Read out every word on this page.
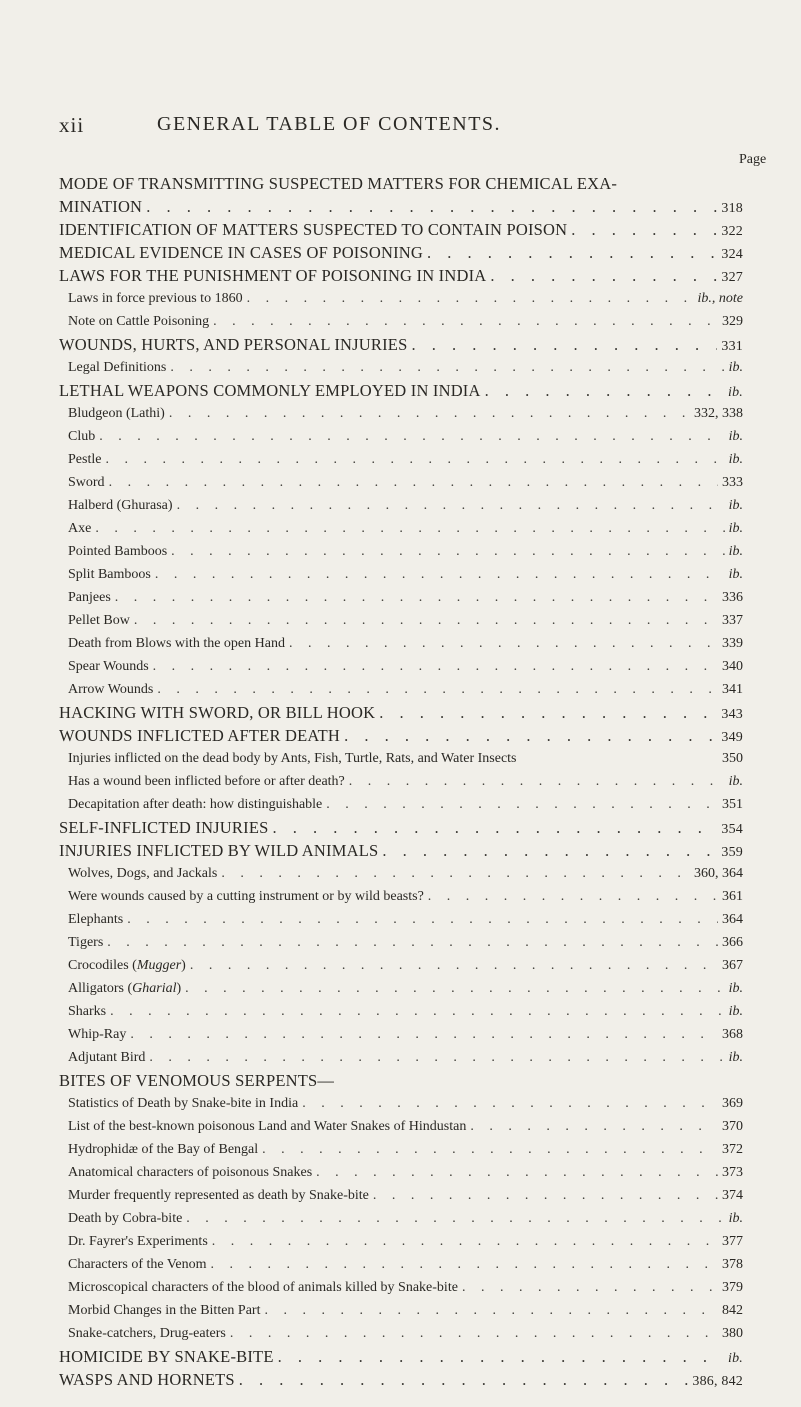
xii	GENERAL TABLE OF CONTENTS.
Page
MODE OF TRANSMITTING SUSPECTED MATTERS FOR CHEMICAL EXA-
MINATION . . .	318
IDENTIFICATION OF MATTERS SUSPECTED TO CONTAIN POISON . . .	322
MEDICAL EVIDENCE IN CASES OF POISONING . . .	324
LAWS FOR THE PUNISHMENT OF POISONING IN INDIA . . .	327
Laws in force previous to 1860 . . .	ib., note
Note on Cattle Poisoning . . .	329
WOUNDS, HURTS, AND PERSONAL INJURIES . . .	331
Legal Definitions . . .	ib.
LETHAL WEAPONS COMMONLY EMPLOYED IN INDIA . . .	ib.
Bludgeon (Lathi) . . .	332, 338
Club . . .	ib.
Pestle . . .	ib.
Sword . . .	333
Halberd (Ghurasa) . . .	ib.
Axe . . .	ib.
Pointed Bamboos . . .	ib.
Split Bamboos . . .	ib.
Panjees . . .	336
Pellet Bow . . .	337
Death from Blows with the open Hand . . .	339
Spear Wounds . . .	340
Arrow Wounds . . .	341
HACKING WITH SWORD, OR BILL HOOK . . .	343
WOUNDS INFLICTED AFTER DEATH . . .	349
Injuries inflicted on the dead body by Ants, Fish, Turtle, Rats, and Water Insects	350
Has a wound been inflicted before or after death? . . .	ib.
Decapitation after death: how distinguishable . . .	351
SELF-INFLICTED INJURIES . . .	354
INJURIES INFLICTED BY WILD ANIMALS . . .	359
Wolves, Dogs, and Jackals . . .	360, 364
Were wounds caused by a cutting instrument or by wild beasts? . . .	361
Elephants . . .	364
Tigers . . .	366
Crocodiles (Mugger) . . .	367
Alligators (Gharial) . . .	ib.
Sharks . . .	ib.
Whip-Ray . . .	368
Adjutant Bird . . .	ib.
BITES OF VENOMOUS SERPENTS—
Statistics of Death by Snake-bite in India . . .	369
List of the best-known poisonous Land and Water Snakes of Hindustan . . .	370
Hydrophidæ of the Bay of Bengal . . .	372
Anatomical characters of poisonous Snakes . . .	373
Murder frequently represented as death by Snake-bite . . .	374
Death by Cobra-bite . . .	ib.
Dr. Fayrer's Experiments . . .	377
Characters of the Venom . . .	378
Microscopical characters of the blood of animals killed by Snake-bite . . .	379
Morbid Changes in the Bitten Part . . .	842
Snake-catchers, Drug-eaters . . .	380
HOMICIDE BY SNAKE-BITE . . .	ib.
WASPS AND HORNETS . . .	386, 842
